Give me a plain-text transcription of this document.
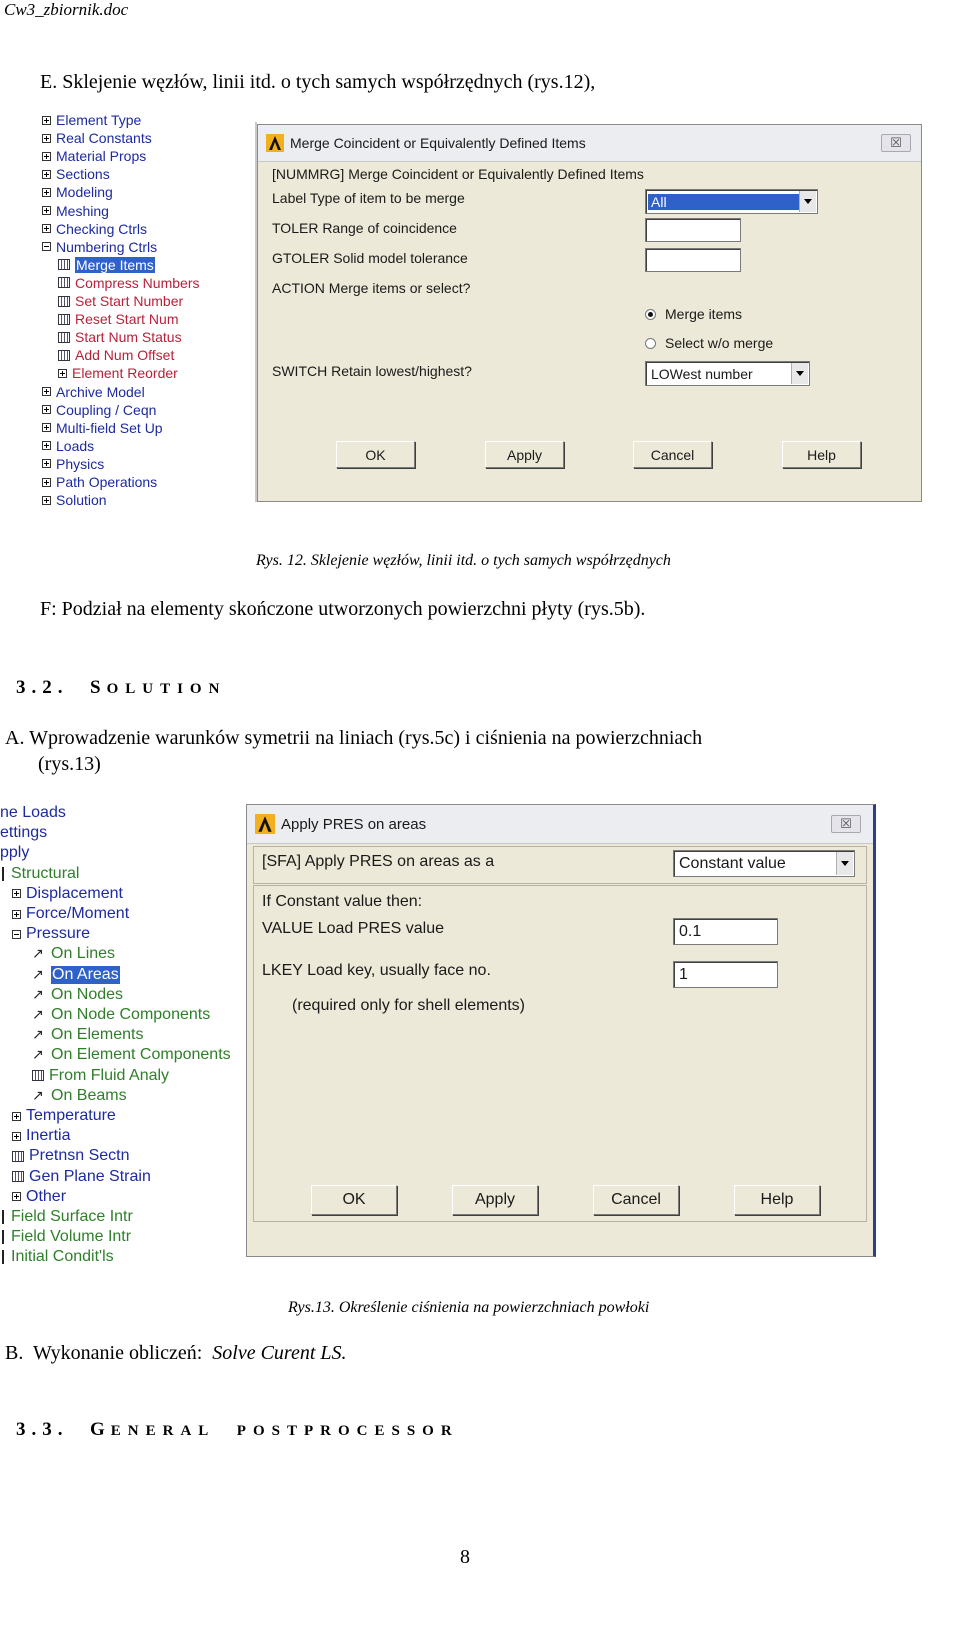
Cw3_zbiornik.doc
E. Sklejenie węzłów, linii itd. o tych samych współrzędnych (rys.12),
Element Type
Real Constants
Material Props
Sections
Modeling
Meshing
Checking Ctrls
Numbering Ctrls
Merge Items
Compress Numbers
Set Start Number
Reset Start Num
Start Num Status
Add Num Offset
Element Reorder
Archive Model
Coupling / Ceqn
Multi-field Set Up
Loads
Physics
Path Operations
Solution
Merge Coincident or Equivalently Defined Items	☒
[NUMMRG] Merge Coincident or Equivalently Defined Items
Label Type of item to be merge	All
TOLER Range of coincidence
GTOLER Solid model tolerance
ACTION Merge items or select?
Merge items
Select w/o merge
SWITCH Retain lowest/highest?	LOWest number
OK	Apply	Cancel	Help
Rys. 12. Sklejenie węzłów, linii itd. o tych samych współrzędnych
F: Podział na elementy skończone utworzonych powierzchni płyty (rys.5b).
3.2. SOLUTION
A. Wprowadzenie warunków symetrii na liniach (rys.5c) i ciśnienia na powierzchniach
(rys.13)
ne Loads
ettings
pply
Structural
Displacement
Force/Moment
Pressure
↗ On Lines
↗ On Areas
↗ On Nodes
↗ On Node Components
↗ On Elements
↗ On Element Components
From Fluid Analy
↗ On Beams
Temperature
Inertia
Pretnsn Sectn
Gen Plane Strain
Other
Field Surface Intr
Field Volume Intr
Initial Condit'ls
Apply PRES on areas	☒
[SFA] Apply PRES on areas as a	Constant value
If Constant value then:
VALUE Load PRES value	0.1
LKEY Load key, usually face no.	1
(required only for shell elements)
OK	Apply	Cancel	Help
Rys.13. Określenie ciśnienia na powierzchniach powłoki
B.  Wykonanie obliczeń:  Solve Curent LS.
3.3. GENERAL POSTPROCESSOR
8
